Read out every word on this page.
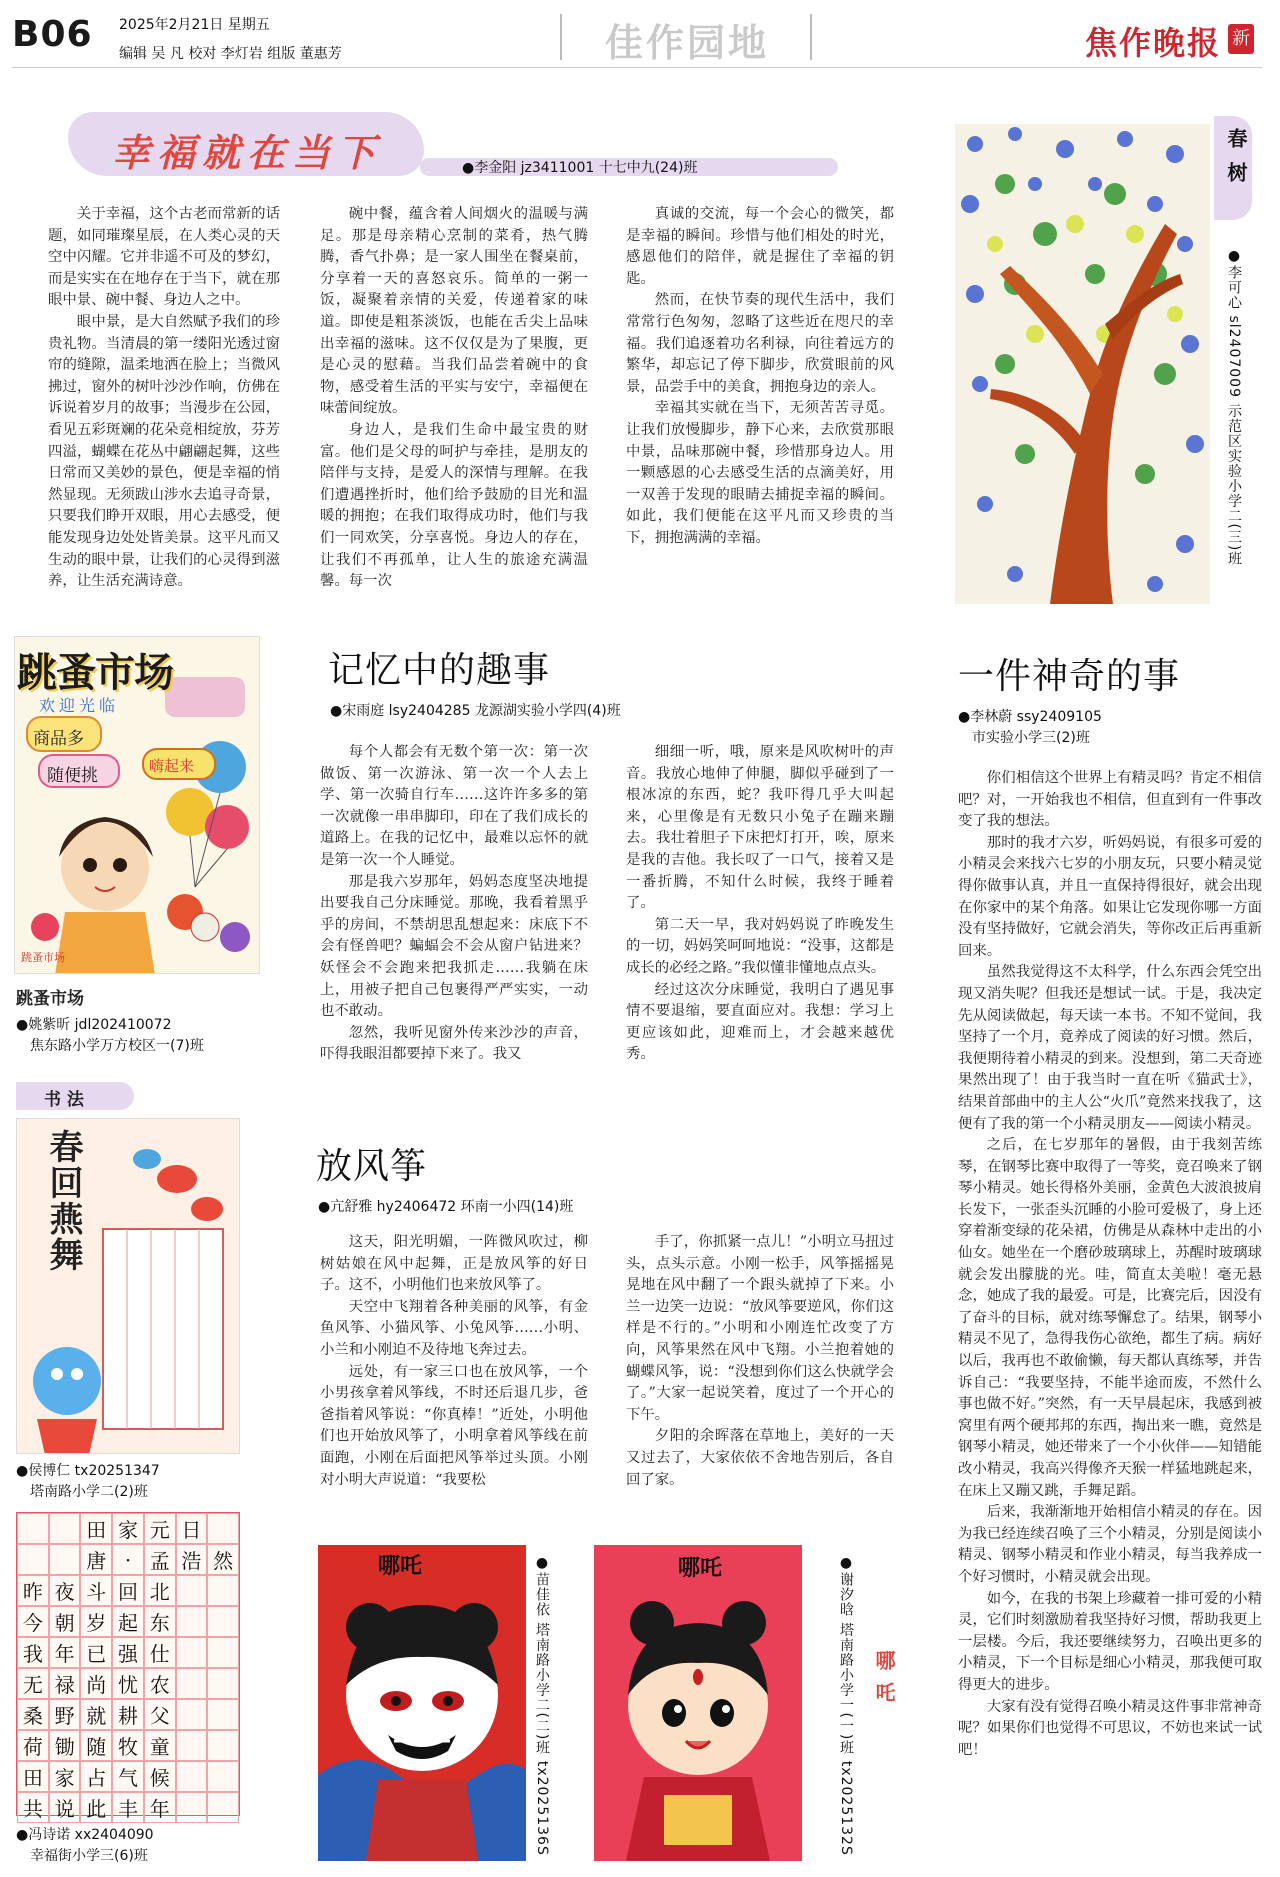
B06 2025年2月21日 星期五
编辑 吴 凡 校对 李灯岩 组版 董惠芳	佳作园地	焦作晚报 新
幸福就在当下	●李金阳 jz3411001 十七中九(24)班

关于幸福，这个古老而常新的话题，如同璀璨星辰，在人类心灵的天空中闪耀。它并非遥不可及的梦幻，而是实实在在地存在于当下，就在那眼中景、碗中餐、身边人之中。

眼中景，是大自然赋予我们的珍贵礼物。当清晨的第一缕阳光透过窗帘的缝隙，温柔地洒在脸上；当微风拂过，窗外的树叶沙沙作响，仿佛在诉说着岁月的故事；当漫步在公园，看见五彩斑斓的花朵竞相绽放，芬芳四溢，蝴蝶在花丛中翩翩起舞，这些日常而又美妙的景色，便是幸福的悄然显现。无须跋山涉水去追寻奇景，只要我们睁开双眼，用心去感受，便能发现身边处处皆美景。这平凡而又生动的眼中景，让我们的心灵得到滋养，让生活充满诗意。

碗中餐，蕴含着人间烟火的温暖与满足。那是母亲精心烹制的菜肴，热气腾腾，香气扑鼻；是一家人围坐在餐桌前，分享着一天的喜怒哀乐。简单的一粥一饭，凝聚着亲情的关爱，传递着家的味道。即使是粗茶淡饭，也能在舌尖上品味出幸福的滋味。这不仅仅是为了果腹，更是心灵的慰藉。当我们品尝着碗中的食物，感受着生活的平实与安宁，幸福便在味蕾间绽放。

身边人，是我们生命中最宝贵的财富。他们是父母的呵护与牵挂，是朋友的陪伴与支持，是爱人的深情与理解。在我们遭遇挫折时，他们给予鼓励的目光和温暖的拥抱；在我们取得成功时，他们与我们一同欢笑，分享喜悦。身边人的存在，让我们不再孤单，让人生的旅途充满温馨。每一次

真诚的交流，每一个会心的微笑，都是幸福的瞬间。珍惜与他们相处的时光，感恩他们的陪伴，就是握住了幸福的钥匙。

然而，在快节奏的现代生活中，我们常常行色匆匆，忽略了这些近在咫尺的幸福。我们追逐着功名利禄，向往着远方的繁华，却忘记了停下脚步，欣赏眼前的风景，品尝手中的美食，拥抱身边的亲人。

幸福其实就在当下，无须苦苦寻觅。让我们放慢脚步，静下心来，去欣赏那眼中景，品味那碗中餐，珍惜那身边人。用一颗感恩的心去感受生活的点滴美好，用一双善于发现的眼睛去捕捉幸福的瞬间。如此，我们便能在这平凡而又珍贵的当下，拥抱满满的幸福。

春树
●李可心 sl2407009 示范区实验小学二(三)班
跳蚤市场
欢迎光临
商品多
随便挑	嗨起来
跳蚤市场
跳蚤市场
●姚紫昕 jdl202410072
焦东路小学万方校区一(7)班
书 法
春回燕舞
●侯博仁 tx20251347
塔南路小学二(2)班
田 家 元 日
唐 · 孟 浩 然
昨 夜 斗 回 北
今 朝 岁 起 东
我 年 已 强 仕
无 禄 尚 忧 农
桑 野 就 耕 父
荷 锄 随 牧 童
田 家 占 气 候
共 说 此 丰 年
●冯诗诺 xx2404090
幸福街小学三(6)班
记忆中的趣事
●宋雨庭 lsy2404285 龙源湖实验小学四(4)班

每个人都会有无数个第一次：第一次做饭、第一次游泳、第一次一个人去上学、第一次骑自行车……这许许多多的第一次就像一串串脚印，印在了我们成长的道路上。在我的记忆中，最难以忘怀的就是第一次一个人睡觉。

那是我六岁那年，妈妈态度坚决地提出要我自己分床睡觉。那晚，我看着黑乎乎的房间，不禁胡思乱想起来：床底下不会有怪兽吧？蝙蝠会不会从窗户钻进来？妖怪会不会跑来把我抓走……我躺在床上，用被子把自己包裹得严严实实，一动也不敢动。

忽然，我听见窗外传来沙沙的声音，吓得我眼泪都要掉下来了。我又

细细一听，哦，原来是风吹树叶的声音。我放心地伸了伸腿，脚似乎碰到了一根冰凉的东西，蛇？我吓得几乎大叫起来，心里像是有无数只小兔子在蹦来蹦去。我壮着胆子下床把灯打开，唉，原来是我的吉他。我长叹了一口气，接着又是一番折腾，不知什么时候，我终于睡着了。

第二天一早，我对妈妈说了昨晚发生的一切，妈妈笑呵呵地说：“没事，这都是成长的必经之路。”我似懂非懂地点点头。

经过这次分床睡觉，我明白了遇见事情不要退缩，要直面应对。我想：学习上更应该如此，迎难而上，才会越来越优秀。

放风筝
●亢舒雅 hy2406472 环南一小四(14)班

这天，阳光明媚，一阵微风吹过，柳树姑娘在风中起舞，正是放风筝的好日子。这不，小明他们也来放风筝了。

天空中飞翔着各种美丽的风筝，有金鱼风筝、小猫风筝、小兔风筝……小明、小兰和小刚迫不及待地飞奔过去。

远处，有一家三口也在放风筝，一个小男孩拿着风筝线，不时还后退几步，爸爸指着风筝说：“你真棒！”近处，小明他们也开始放风筝了，小明拿着风筝线在前面跑，小刚在后面把风筝举过头顶。小刚对小明大声说道：“我要松

手了，你抓紧一点儿！”小明立马扭过头，点头示意。小刚一松手，风筝摇摇晃晃地在风中翻了一个跟头就掉了下来。小兰一边笑一边说：“放风筝要逆风，你们这样是不行的。”小明和小刚连忙改变了方向，风筝果然在风中飞翔。小兰抱着她的蝴蝶风筝，说：“没想到你们这么快就学会了。”大家一起说笑着，度过了一个开心的下午。

夕阳的余晖落在草地上，美好的一天又过去了，大家依依不舍地告别后，各自回了家。

哪吒	●苗佳依 塔南路小学二(二)班 tx2025136S	哪吒	●谢汐晗 塔南路小学一(一)班 tx2025132S 哪吒
一件神奇的事
●李林蔚 ssy2409105
市实验小学三(2)班

你们相信这个世界上有精灵吗？肯定不相信吧？对，一开始我也不相信，但直到有一件事改变了我的想法。

那时的我才六岁，听妈妈说，有很多可爱的小精灵会来找六七岁的小朋友玩，只要小精灵觉得你做事认真，并且一直保持得很好，就会出现在你家中的某个角落。如果让它发现你哪一方面没有坚持做好，它就会消失，等你改正后再重新回来。

虽然我觉得这不太科学，什么东西会凭空出现又消失呢？但我还是想试一试。于是，我决定先从阅读做起，每天读一本书。不知不觉间，我坚持了一个月，竟养成了阅读的好习惯。然后，我便期待着小精灵的到来。没想到，第二天奇迹果然出现了！由于我当时一直在听《猫武士》，结果首部曲中的主人公“火爪”竟然来找我了，这便有了我的第一个小精灵朋友——阅读小精灵。

之后，在七岁那年的暑假，由于我刻苦练琴，在钢琴比赛中取得了一等奖，竟召唤来了钢琴小精灵。她长得格外美丽，金黄色大波浪披肩长发下，一张歪头沉睡的小脸可爱极了，身上还穿着渐变绿的花朵裙，仿佛是从森林中走出的小仙女。她坐在一个磨砂玻璃球上，苏醒时玻璃球就会发出朦胧的光。哇，简直太美啦！毫无悬念，她成了我的最爱。可是，比赛完后，因没有了奋斗的目标，就对练琴懈怠了。结果，钢琴小精灵不见了，急得我伤心欲绝，都生了病。病好以后，我再也不敢偷懒，每天都认真练琴，并告诉自己：“我要坚持，不能半途而废，不然什么事也做不好。”突然，有一天早晨起床，我感到被窝里有两个硬邦邦的东西，掏出来一瞧，竟然是钢琴小精灵，她还带来了一个小伙伴——知错能改小精灵，我高兴得像齐天猴一样猛地跳起来，在床上又蹦又跳，手舞足蹈。

后来，我渐渐地开始相信小精灵的存在。因为我已经连续召唤了三个小精灵，分别是阅读小精灵、钢琴小精灵和作业小精灵，每当我养成一个好习惯时，小精灵就会出现。

如今，在我的书架上珍藏着一排可爱的小精灵，它们时刻激励着我坚持好习惯，帮助我更上一层楼。今后，我还要继续努力，召唤出更多的小精灵，下一个目标是细心小精灵，那我便可取得更大的进步。

大家有没有觉得召唤小精灵这件事非常神奇呢？如果你们也觉得不可思议，不妨也来试一试吧！
